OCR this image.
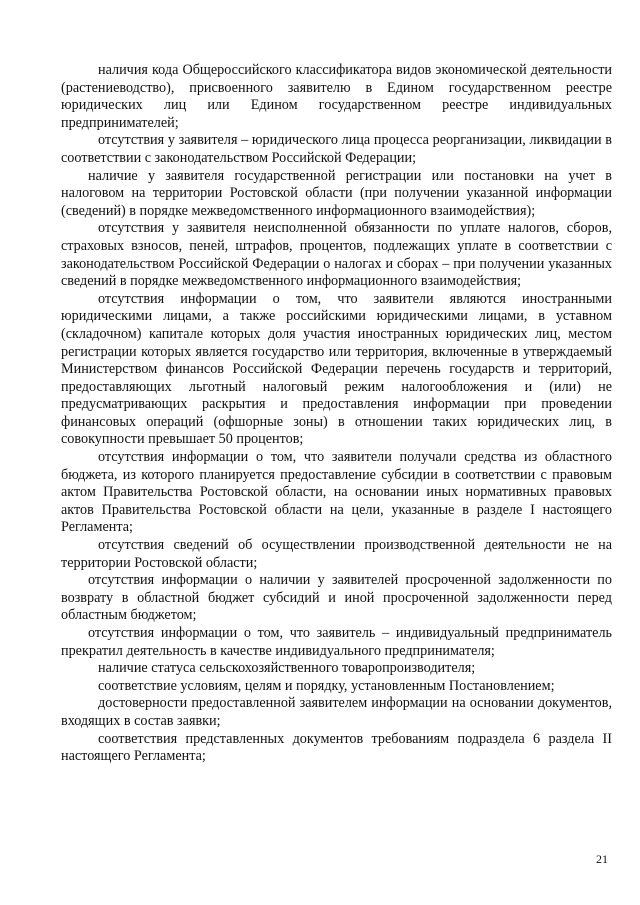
наличия кода Общероссийского классификатора видов экономической деятельности (растениеводство), присвоенного заявителю в Едином государственном реестре юридических лиц или Едином государственном реестре индивидуальных предпринимателей;

отсутствия у заявителя – юридического лица процесса реорганизации, ликвидации в соответствии с законодательством Российской Федерации;

наличие у заявителя государственной регистрации или постановки на учет в налоговом на территории Ростовской области (при получении указанной информации (сведений) в порядке межведомственного информационного взаимодействия);

отсутствия у заявителя неисполненной обязанности по уплате налогов, сборов, страховых взносов, пеней, штрафов, процентов, подлежащих уплате в соответствии с законодательством Российской Федерации о налогах и сборах – при получении указанных сведений в порядке межведомственного информационного взаимодействия;

отсутствия информации о том, что заявители являются иностранными юридическими лицами, а также российскими юридическими лицами, в уставном (складочном) капитале которых доля участия иностранных юридических лиц, местом регистрации которых является государство или территория, включенные в утверждаемый Министерством финансов Российской Федерации перечень государств и территорий, предоставляющих льготный налоговый режим налогообложения и (или) не предусматривающих раскрытия и предоставления информации при проведении финансовых операций (офшорные зоны) в отношении таких юридических лиц, в совокупности превышает 50 процентов;

отсутствия информации о том, что заявители получали средства из областного бюджета, из которого планируется предоставление субсидии в соответствии с правовым актом Правительства Ростовской области, на основании иных нормативных правовых актов Правительства Ростовской области на цели, указанные в разделе I настоящего Регламента;

отсутствия сведений об осуществлении производственной деятельности не на территории Ростовской области;

отсутствия информации о наличии у заявителей просроченной задолженности по возврату в областной бюджет субсидий и иной просроченной задолженности перед областным бюджетом;

отсутствия информации о том, что заявитель – индивидуальный предприниматель прекратил деятельность в качестве индивидуального предпринимателя;

наличие статуса сельскохозяйственного товаропроизводителя;

соответствие условиям, целям и порядку, установленным Постановлением;

достоверности предоставленной заявителем информации на основании документов, входящих в состав заявки;

соответствия представленных документов требованиям подраздела 6 раздела II настоящего Регламента;

21
